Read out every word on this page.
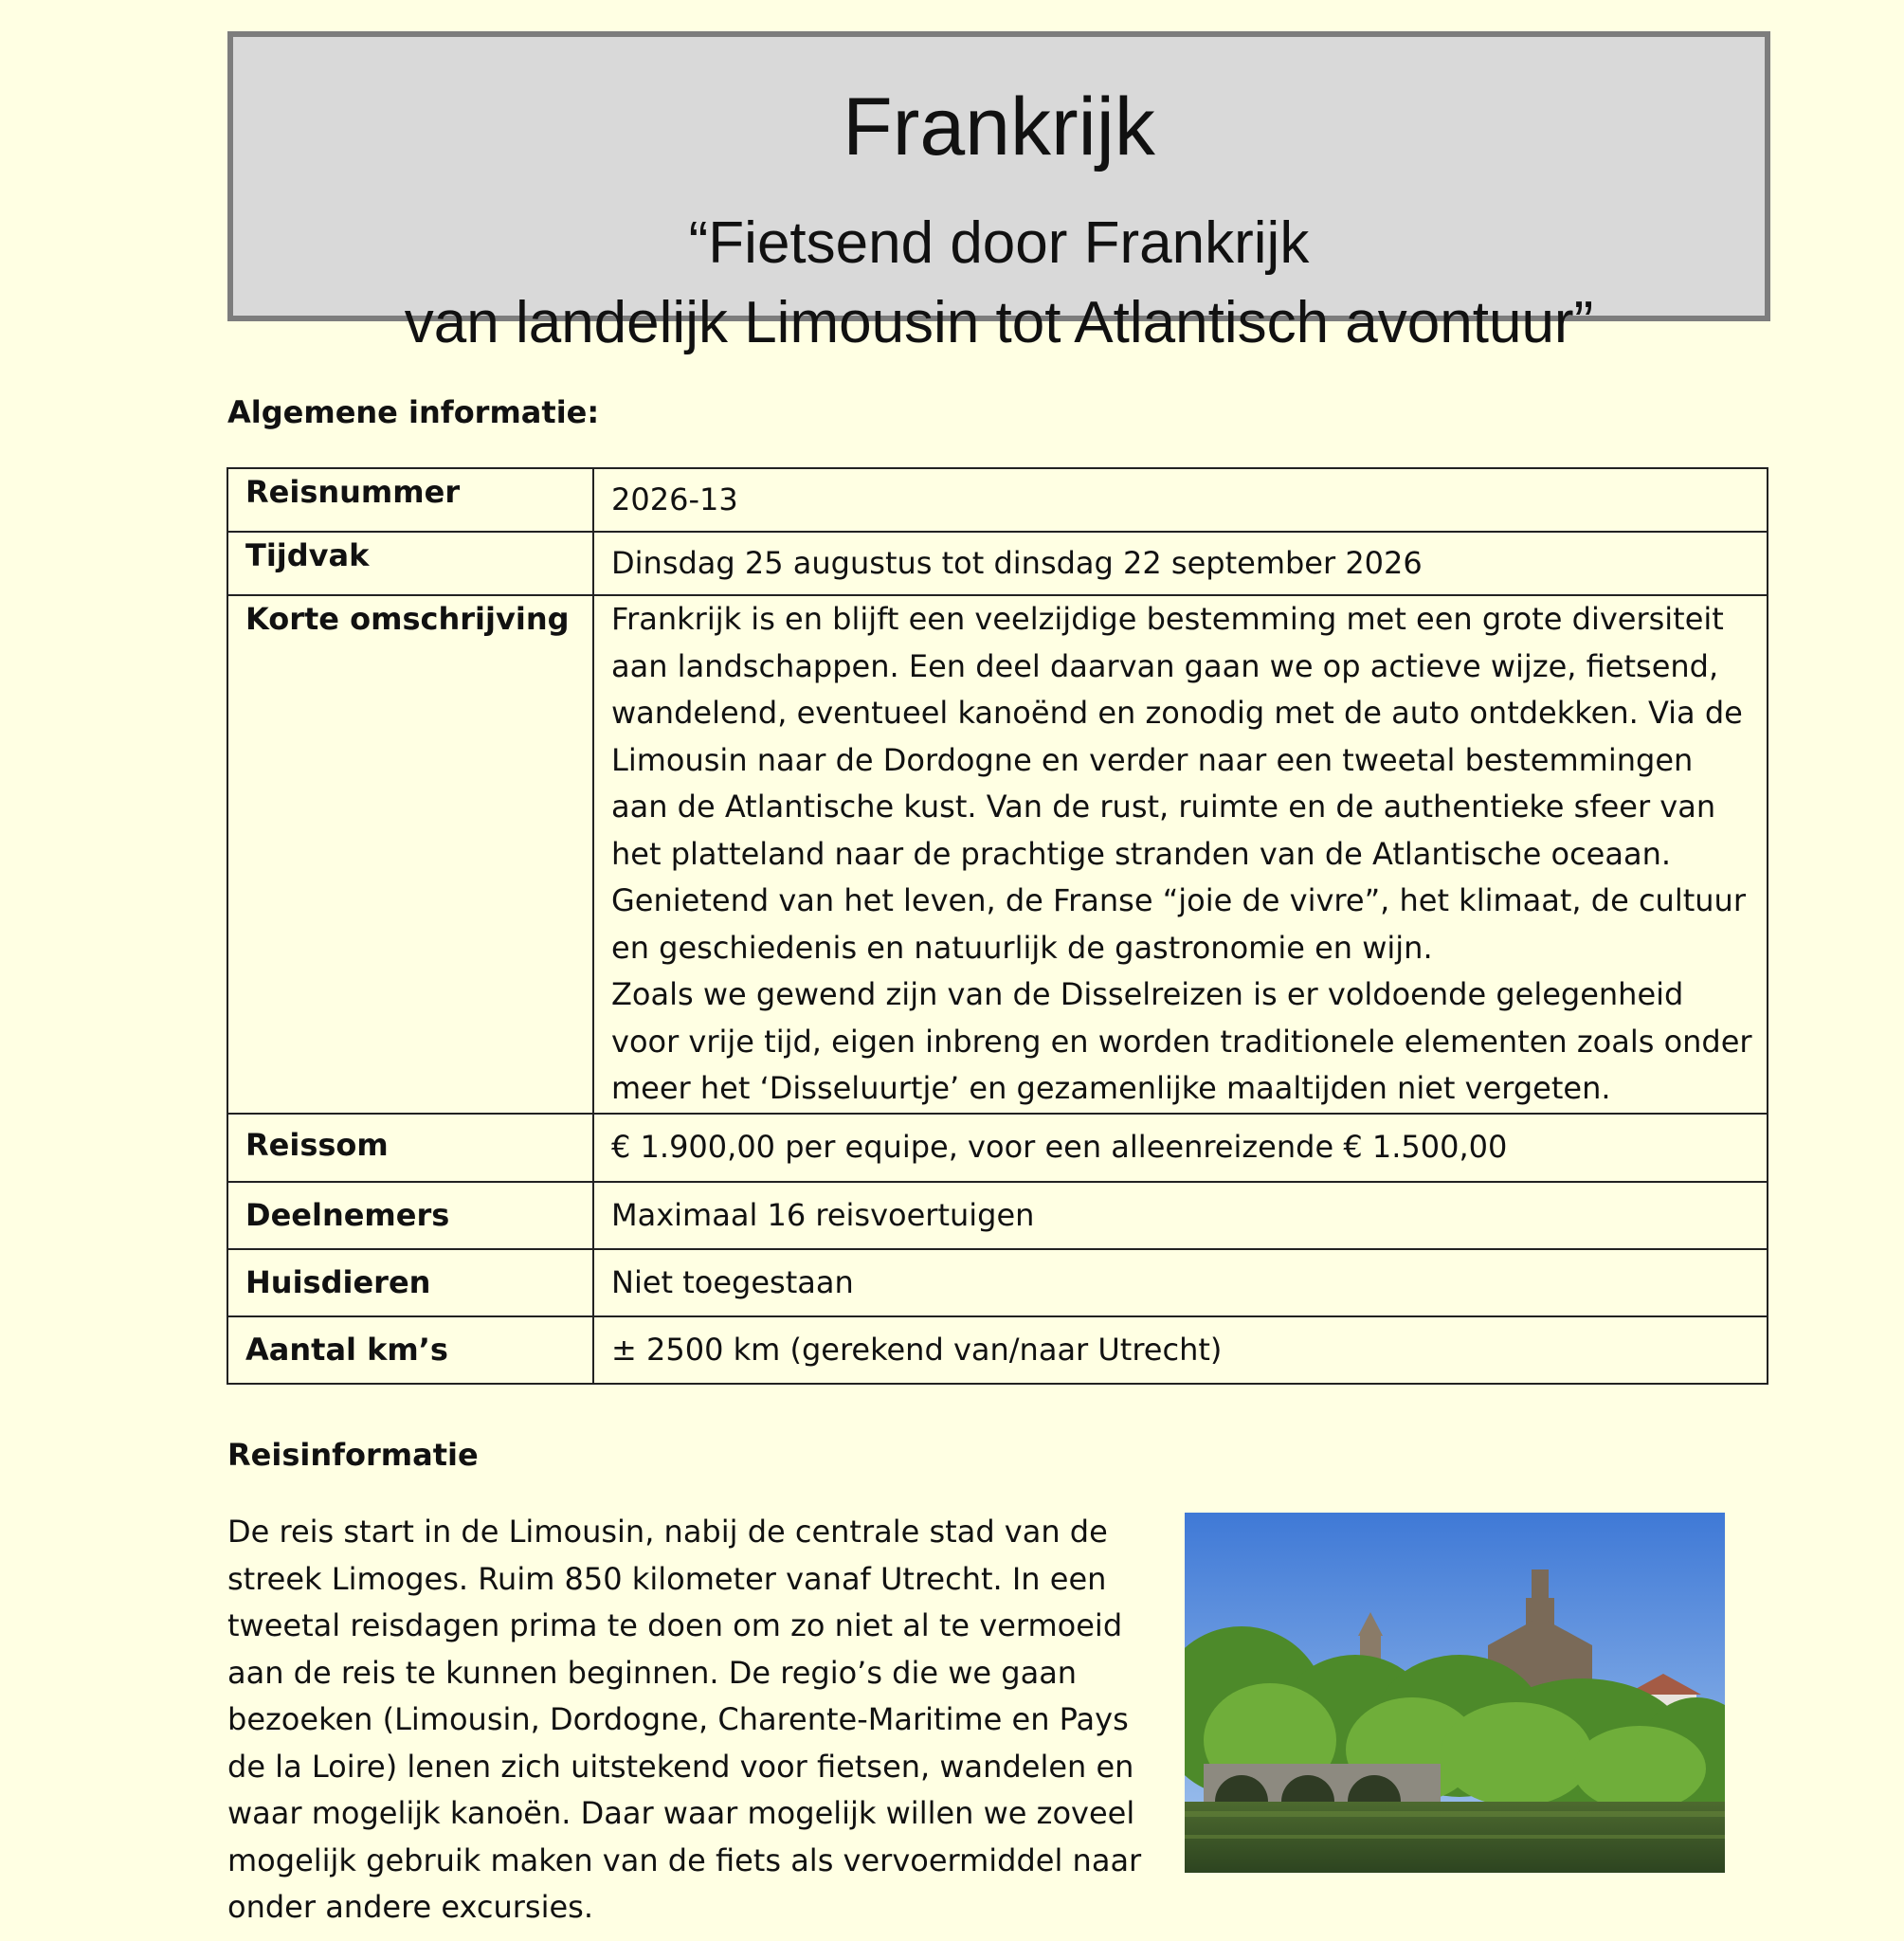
Frankrijk
“Fietsend door Frankrijk
van landelijk Limousin tot Atlantisch avontuur”
Algemene informatie:
Reisnummer	2026-13
Tijdvak	Dinsdag 25 augustus tot dinsdag 22 september 2026
Korte omschrijving	Frankrijk is en blijft een veelzijdige bestemming met een grote diversiteit aan landschappen. Een deel daarvan gaan we op actieve wijze, fietsend, wandelend, eventueel kanoënd en zonodig met de auto ontdekken. Via de Limousin naar de Dordogne en verder naar een tweetal bestemmingen aan de Atlantische kust. Van de rust, ruimte en de authentieke sfeer van het platteland naar de prachtige stranden van de Atlantische oceaan. Genietend van het leven, de Franse “joie de vivre”, het klimaat, de cultuur en geschiedenis en natuurlijk de gastronomie en wijn.

Zoals we gewend zijn van de Disselreizen is er voldoende gelegenheid voor vrije tijd, eigen inbreng en worden traditionele elementen zoals onder meer het ‘Disseluurtje’ en gezamenlijke maaltijden niet vergeten.

Reissom	€ 1.900,00 per equipe, voor een alleenreizende € 1.500,00
Deelnemers	Maximaal 16 reisvoertuigen
Huisdieren	Niet toegestaan
Aantal km’s	± 2500 km (gerekend van/naar Utrecht)
Reisinformatie
De reis start in de Limousin, nabij de centrale stad van de streek Limoges. Ruim 850 kilometer vanaf Utrecht. In een tweetal reisdagen prima te doen om zo niet al te vermoeid aan de reis te kunnen beginnen. De regio’s die we gaan bezoeken (Limousin, Dordogne, Charente-Maritime en Pays de la Loire) lenen zich uitstekend voor fietsen, wandelen en waar mogelijk kanoën. Daar waar mogelijk willen we zoveel mogelijk gebruik maken van de fiets als vervoermiddel naar onder andere excursies.
